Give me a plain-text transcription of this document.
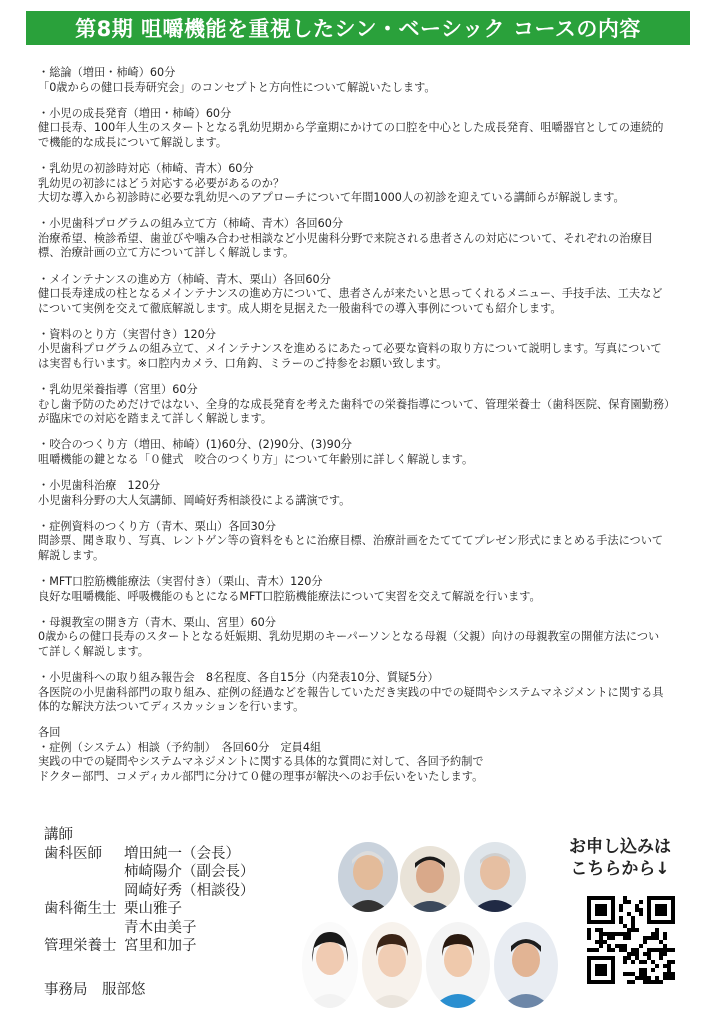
第8期 咀嚼機能を重視したシン・ベーシック コースの内容
・総論（増田・柿崎）60分
「0歳からの健口長寿研究会」のコンセプトと方向性について解説いたします。
・小児の成長発育（増田・柿崎）60分
健口長寿、100年人生のスタートとなる乳幼児期から学童期にかけての口腔を中心とした成長発育、咀嚼器官としての連続的で機能的な成長について解説します。
・乳幼児の初診時対応（柿崎、青木）60分
乳幼児の初診にはどう対応する必要があるのか？
大切な導入から初診時に必要な乳幼児へのアプローチについて年間1000人の初診を迎えている講師らが解説します。
・小児歯科プログラムの組み立て方（柿崎、青木）各回60分
治療希望、検診希望、歯並びや噛み合わせ相談など小児歯科分野で来院される患者さんの対応について、それぞれの治療目標、治療計画の立て方について詳しく解説します。
・メインテナンスの進め方（柿崎、青木、栗山）各回60分
健口長寿達成の柱となるメインテナンスの進め方について、患者さんが来たいと思ってくれるメニュー、手技手法、工夫などについて実例を交えて徹底解説します。成人期を見据えた一般歯科での導入事例についても紹介します。
・資料のとり方（実習付き）120分
小児歯科プログラムの組み立て、メインテナンスを進めるにあたって必要な資料の取り方について説明します。写真については実習も行います。※口腔内カメラ、口角鈎、ミラーのご持参をお願い致します。
・乳幼児栄養指導（宮里）60分
むし歯予防のためだけではない、全身的な成長発育を考えた歯科での栄養指導について、管理栄養士（歯科医院、保育園勤務）が臨床での対応を踏まえて詳しく解説します。
・咬合のつくり方（増田、柿崎）(1)60分、(2)90分、(3)90分
咀嚼機能の鍵となる「０健式　咬合のつくり方」について年齢別に詳しく解説します。
・小児歯科治療　120分
小児歯科分野の大人気講師、岡崎好秀相談役による講演です。
・症例資料のつくり方（青木、栗山）各回30分
問診票、聞き取り、写真、レントゲン等の資料をもとに治療目標、治療計画をたてててプレゼン形式にまとめる手法について解説します。
・MFT口腔筋機能療法（実習付き）（栗山、青木）120分
良好な咀嚼機能、呼吸機能のもとになるMFT口腔筋機能療法について実習を交えて解説を行います。
・母親教室の開き方（青木、栗山、宮里）60分
0歳からの健口長寿のスタートとなる妊娠期、乳幼児期のキーパーソンとなる母親（父親）向けの母親教室の開催方法について詳しく解説します。
・小児歯科への取り組み報告会　8名程度、各自15分（内発表10分、質疑5分）
各医院の小児歯科部門の取り組み、症例の経過などを報告していただき実践の中での疑問やシステムマネジメントに関する具体的な解決方法ついてディスカッションを行います。
各回
・症例（システム）相談（予約制）　各回60分　定員4組
実践の中での疑問やシステムマネジメントに関する具体的な質問に対して、各回予約制で
ドクター部門、コメディカル部門に分けて０健の理事が解決へのお手伝いをいたします。
講師
歯科医師	増田純一（会長）
柿崎陽介（副会長）
岡崎好秀（相談役）
歯科衛生士 栗山雅子
青木由美子
管理栄養士 宮里和加子
事務局　服部悠
お申し込みは
こちらから↓
